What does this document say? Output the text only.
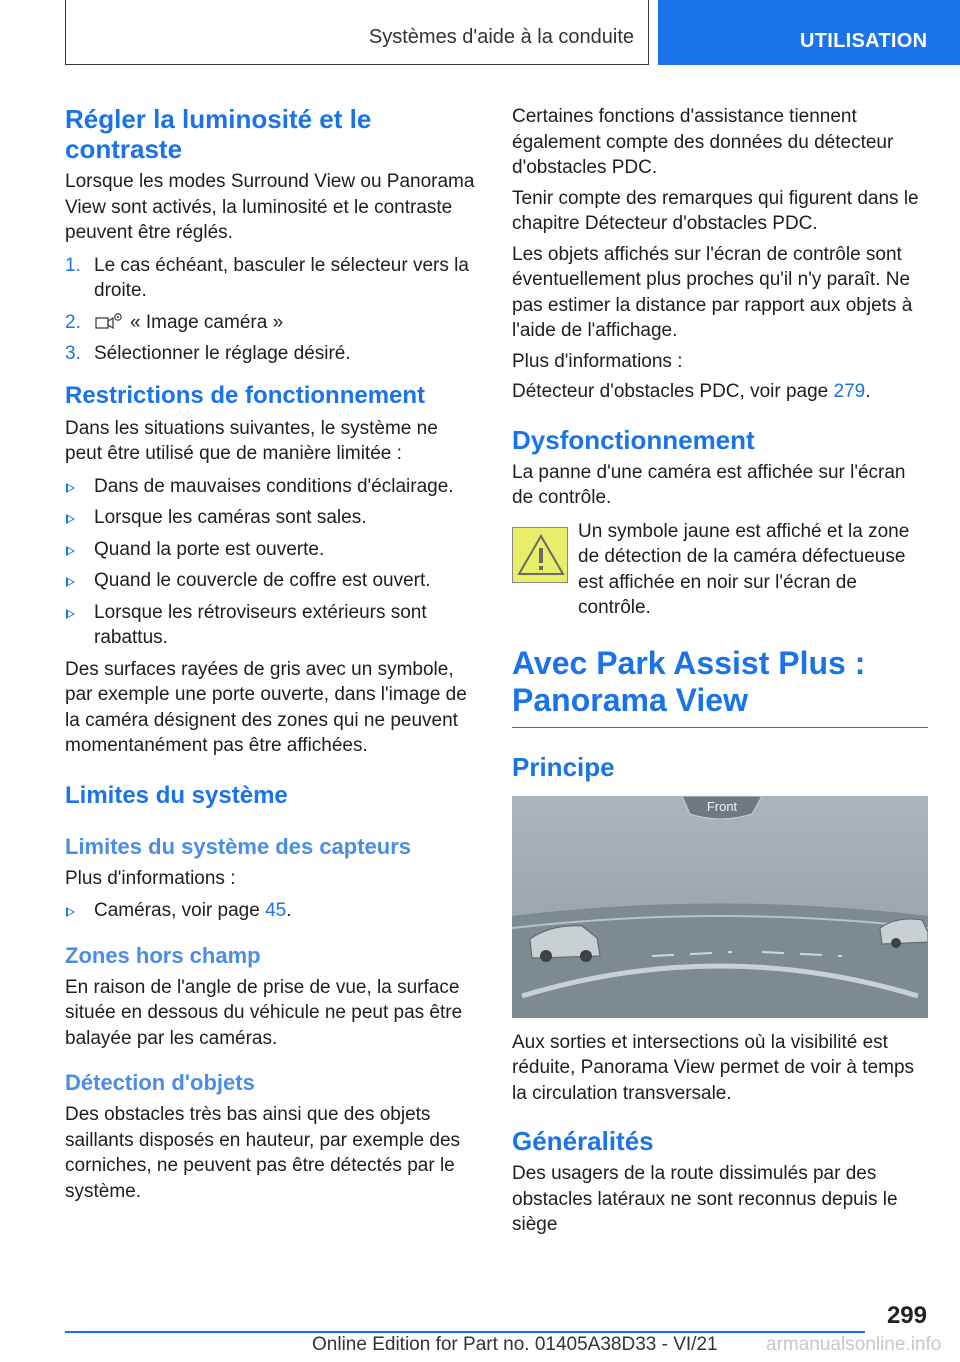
Systèmes d'aide à la conduite	UTILISATION
Régler la luminosité et le contraste

Lorsque les modes Surround View ou Panorama View sont activés, la luminosité et le contraste peuvent être réglés.

1. Le cas échéant, basculer le sélecteur vers la droite.
2.	« Image caméra »
3. Sélectionner le réglage désiré.
Restrictions de fonctionnement

Dans les situations suivantes, le système ne peut être utilisé que de manière limitée :

Dans de mauvaises conditions d'éclairage.
Lorsque les caméras sont sales.
Quand la porte est ouverte.
Quand le couvercle de coffre est ouvert.
Lorsque les rétroviseurs extérieurs sont rabattus.

Des surfaces rayées de gris avec un symbole, par exemple une porte ouverte, dans l'image de la caméra désignent des zones qui ne peuvent momentanément pas être affichées.

Limites du système
Limites du système des capteurs

Plus d'informations :

Caméras, voir page 45.
Zones hors champ

En raison de l'angle de prise de vue, la surface située en dessous du véhicule ne peut pas être balayée par les caméras.

Détection d'objets

Des obstacles très bas ainsi que des objets saillants disposés en hauteur, par exemple des corniches, ne peuvent pas être détectés par le système.

Certaines fonctions d'assistance tiennent également compte des données du détecteur d'obstacles PDC.

Tenir compte des remarques qui figurent dans le chapitre Détecteur d'obstacles PDC.

Les objets affichés sur l'écran de contrôle sont éventuellement plus proches qu'il n'y paraît. Ne pas estimer la distance par rapport aux objets à l'aide de l'affichage.

Plus d'informations :

Détecteur d'obstacles PDC, voir page 279.

Dysfonctionnement

La panne d'une caméra est affichée sur l'écran de contrôle.

Un symbole jaune est affiché et la zone de détection de la caméra défectueuse est affichée en noir sur l'écran de contrôle.

Avec Park Assist Plus : Panorama View
Principe
Front

Aux sorties et intersections où la visibilité est réduite, Panorama View permet de voir à temps la circulation transversale.

Généralités

Des usagers de la route dissimulés par des obstacles latéraux ne sont reconnus depuis le siège

299
Online Edition for Part no. 01405A38D33 - VI/21	armanualsonline.info
